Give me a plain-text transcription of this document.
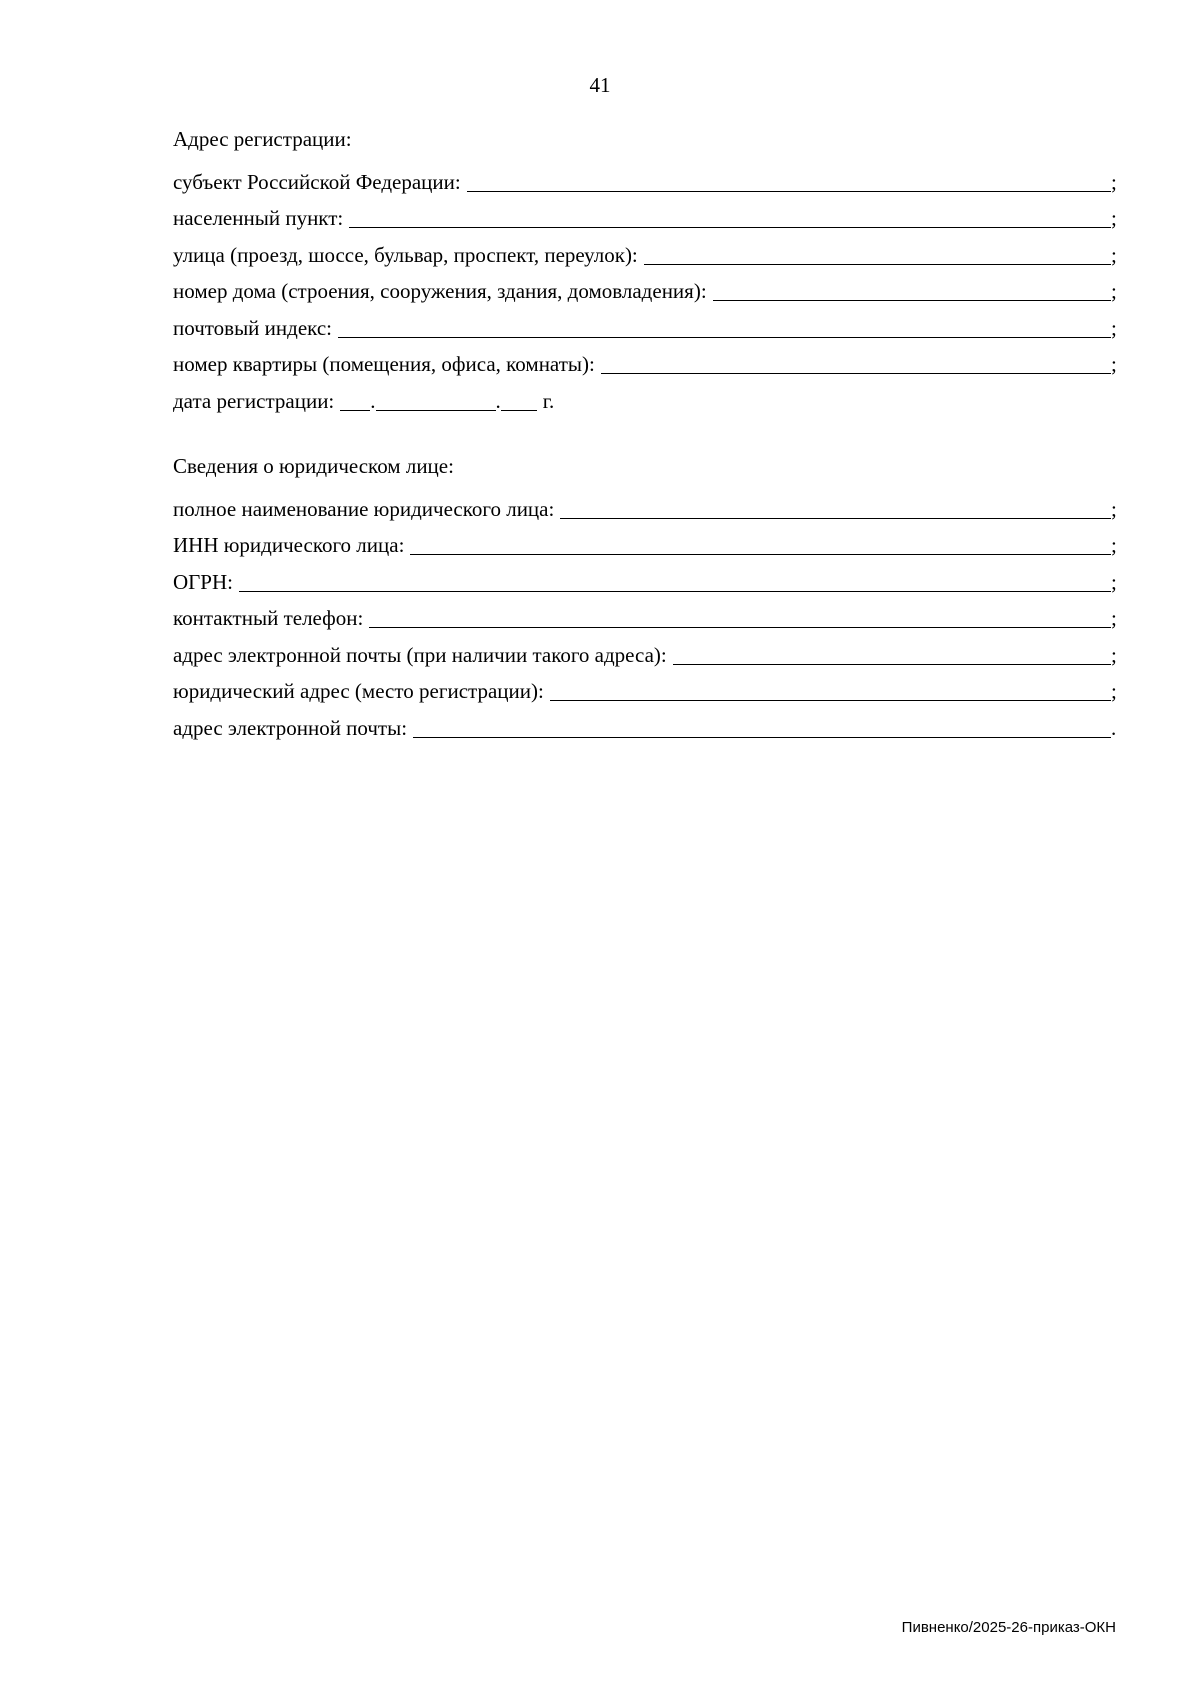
41
Адрес регистрации:
субъект Российской Федерации:	;
населенный пункт:	;
улица (проезд, шоссе, бульвар, проспект, переулок):	;
номер дома (строения, сооружения, здания, домовладения):	;
почтовый индекс:	;
номер квартиры (помещения, офиса, комнаты):	;
дата регистрации: .	. г.
Сведения о юридическом лице:
полное наименование юридического лица:	;
ИНН юридического лица:	;
ОГРН:	;
контактный телефон:	;
адрес электронной почты (при наличии такого адреса):	;
юридический адрес (место регистрации):	;
адрес электронной почты:	.
Пивненко/2025-26-приказ-ОКН
